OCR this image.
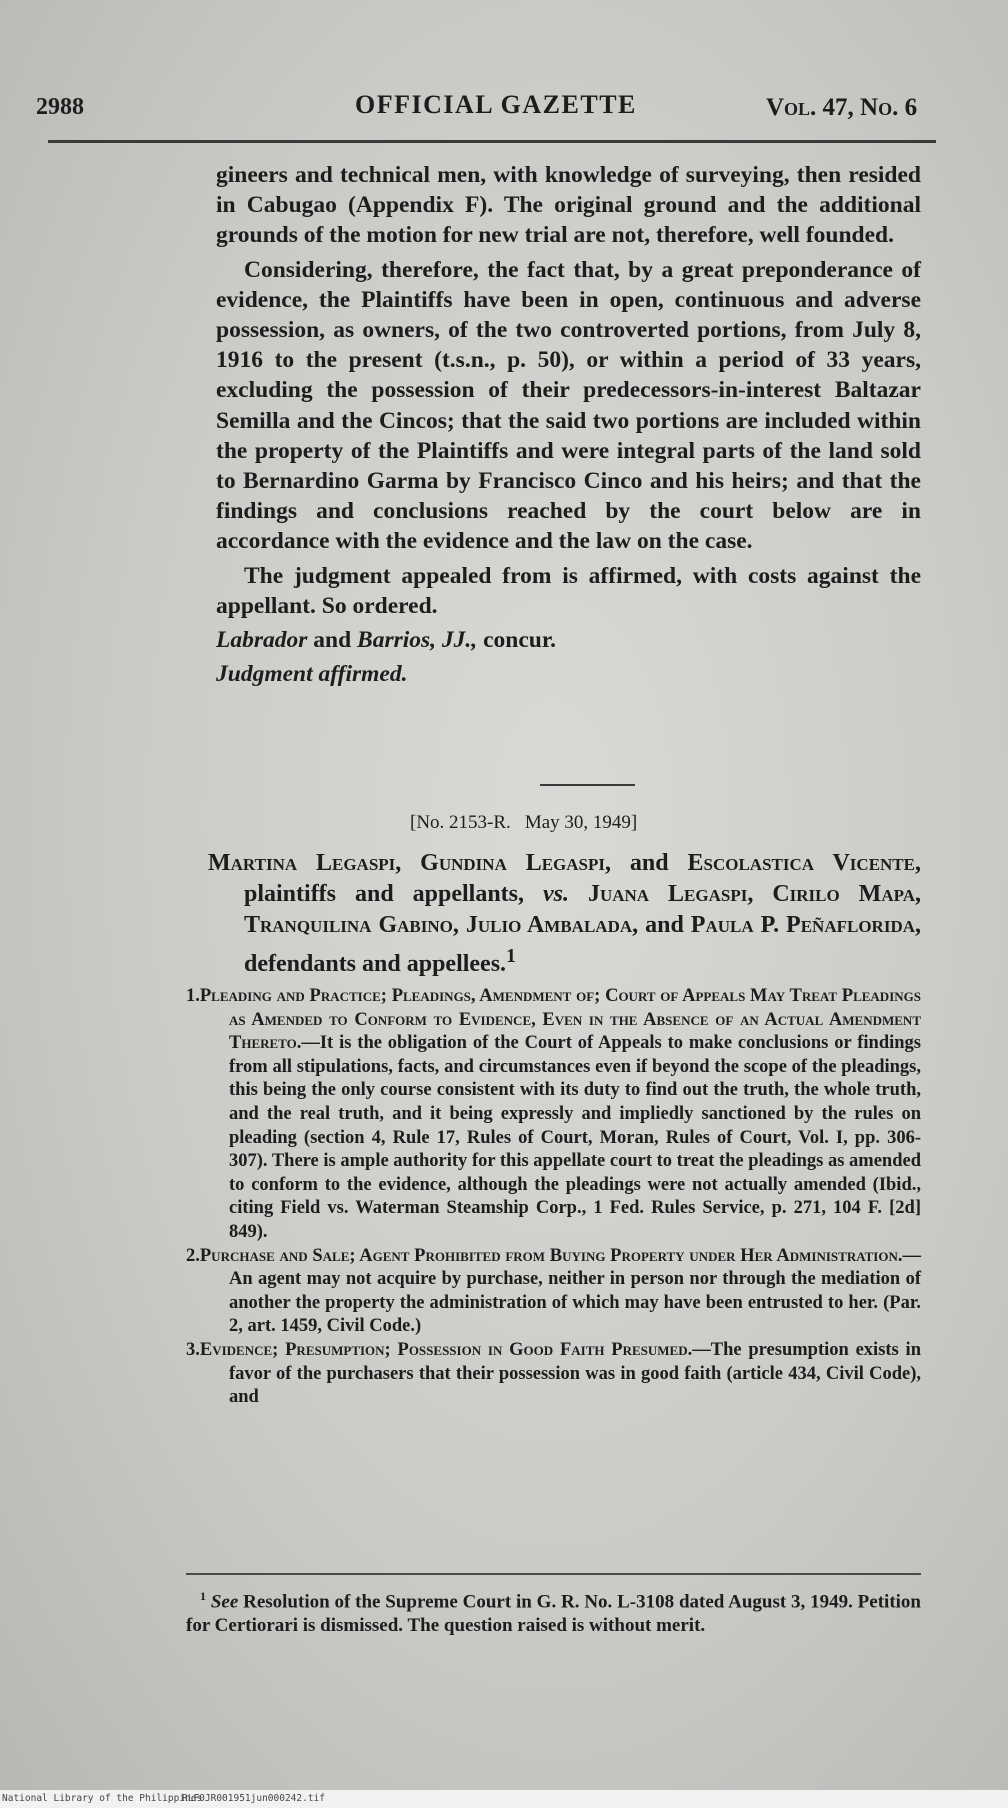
2988	OFFICIAL GAZETTE	Vol. 47, No. 6

gineers and technical men, with knowledge of surveying, then resided in Cabugao (Appendix F). The original ground and the additional grounds of the motion for new trial are not, therefore, well founded.

Considering, therefore, the fact that, by a great preponderance of evidence, the Plaintiffs have been in open, continuous and adverse possession, as owners, of the two controverted portions, from July 8, 1916 to the present (t.s.n., p. 50), or within a period of 33 years, excluding the possession of their predecessors-in-interest Baltazar Semilla and the Cincos; that the said two portions are included within the property of the Plaintiffs and were integral parts of the land sold to Bernardino Garma by Francisco Cinco and his heirs; and that the findings and conclusions reached by the court below are in accordance with the evidence and the law on the case.

The judgment appealed from is affirmed, with costs against the appellant. So ordered.

Labrador and Barrios, JJ., concur.

Judgment affirmed.

[No. 2153-R. May 30, 1949]
Martina Legaspi, Gundina Legaspi, and Escolastica Vicente, plaintiffs and appellants, vs. Juana Legaspi, Cirilo Mapa, Tranquilina Gabino, Julio Ambalada, and Paula P. Peñaflorida, defendants and appellees.$^1$

1.Pleading and Practice; Pleadings, Amendment of; Court of Appeals May Treat Pleadings as Amended to Conform to Evidence, Even in the Absence of an Actual Amendment Thereto.—It is the obligation of the Court of Appeals to make conclusions or findings from all stipulations, facts, and circumstances even if beyond the scope of the pleadings, this being the only course consistent with its duty to find out the truth, the whole truth, and the real truth, and it being expressly and impliedly sanctioned by the rules on pleading (section 4, Rule 17, Rules of Court, Moran, Rules of Court, Vol. I, pp. 306-307). There is ample authority for this appellate court to treat the pleadings as amended to conform to the evidence, although the pleadings were not actually amended (Ibid., citing Field vs. Waterman Steamship Corp., 1 Fed. Rules Service, p. 271, 104 F. [2d] 849).

2.Purchase and Sale; Agent Prohibited from Buying Property under Her Administration.—An agent may not acquire by purchase, neither in person nor through the mediation of another the property the administration of which may have been entrusted to her. (Par. 2, art. 1459, Civil Code.)

3.Evidence; Presumption; Possession in Good Faith Presumed.—The presumption exists in favor of the purchasers that their possession was in good faith (article 434, Civil Code), and

$^1$ See Resolution of the Supreme Court in G. R. No. L-3108 dated August 3, 1949. Petition for Certiorari is dismissed. The question raised is without merit.
National Library of the Philippines
RLF0JR001951jun000242.tif
